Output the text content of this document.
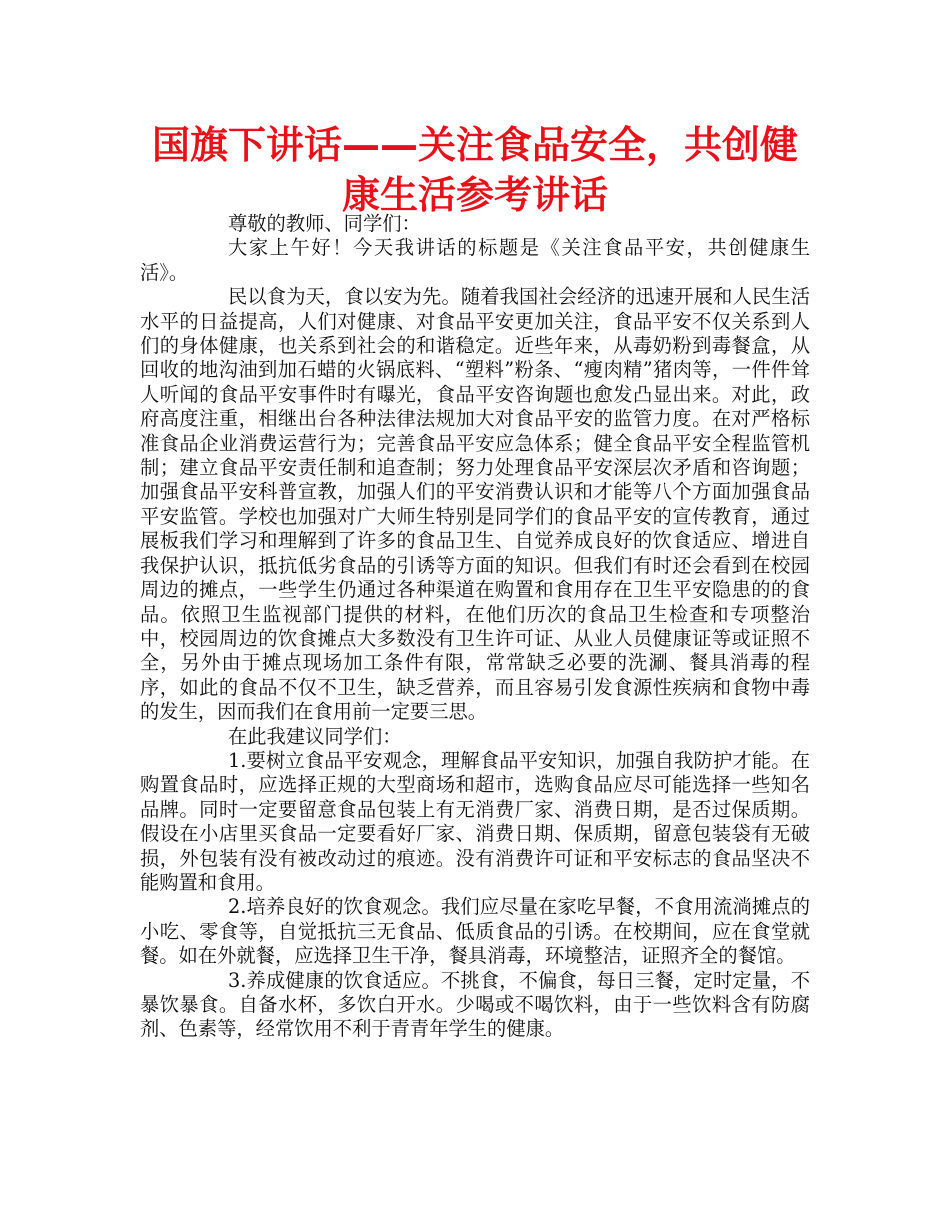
国旗下讲话——关注食品安全，共创健康生活参考讲话

尊敬的教师、同学们：

大家上午好！今天我讲话的标题是《关注食品平安，共创健康生活》。

民以食为天，食以安为先。随着我国社会经济的迅速开展和人民生活水平的日益提高，人们对健康、对食品平安更加关注，食品平安不仅关系到人们的身体健康，也关系到社会的和谐稳定。近些年来，从毒奶粉到毒餐盒，从回收的地沟油到加石蜡的火锅底料、“塑料”粉条、“瘦肉精”猪肉等，一件件耸人听闻的食品平安事件时有曝光，食品平安咨询题也愈发凸显出来。对此，政府高度注重，相继出台各种法律法规加大对食品平安的监管力度。在对严格标准食品企业消费运营行为；完善食品平安应急体系；健全食品平安全程监管机制；建立食品平安责任制和追查制；努力处理食品平安深层次矛盾和咨询题；加强食品平安科普宣教，加强人们的平安消费认识和才能等八个方面加强食品平安监管。学校也加强对广大师生特别是同学们的食品平安的宣传教育，通过展板我们学习和理解到了许多的食品卫生、自觉养成良好的饮食适应、增进自我保护认识，抵抗低劣食品的引诱等方面的知识。但我们有时还会看到在校园周边的摊点，一些学生仍通过各种渠道在购置和食用存在卫生平安隐患的的食品。依照卫生监视部门提供的材料，在他们历次的食品卫生检查和专项整治中，校园周边的饮食摊点大多数没有卫生许可证、从业人员健康证等或证照不全，另外由于摊点现场加工条件有限，常常缺乏必要的洗涮、餐具消毒的程序，如此的食品不仅不卫生，缺乏营养，而且容易引发食源性疾病和食物中毒的发生，因而我们在食用前一定要三思。

在此我建议同学们：

1.要树立食品平安观念，理解食品平安知识，加强自我防护才能。在购置食品时，应选择正规的大型商场和超市，选购食品应尽可能选择一些知名品牌。同时一定要留意食品包装上有无消费厂家、消费日期，是否过保质期。假设在小店里买食品一定要看好厂家、消费日期、保质期，留意包装袋有无破损，外包装有没有被改动过的痕迹。没有消费许可证和平安标志的食品坚决不能购置和食用。

2.培养良好的饮食观念。我们应尽量在家吃早餐，不食用流淌摊点的小吃、零食等，自觉抵抗三无食品、低质食品的引诱。在校期间，应在食堂就餐。如在外就餐，应选择卫生干净，餐具消毒，环境整洁，证照齐全的餐馆。

3.养成健康的饮食适应。不挑食，不偏食，每日三餐，定时定量，不暴饮暴食。自备水杯，多饮白开水。少喝或不喝饮料，由于一些饮料含有防腐剂、色素等，经常饮用不利于青青年学生的健康。
